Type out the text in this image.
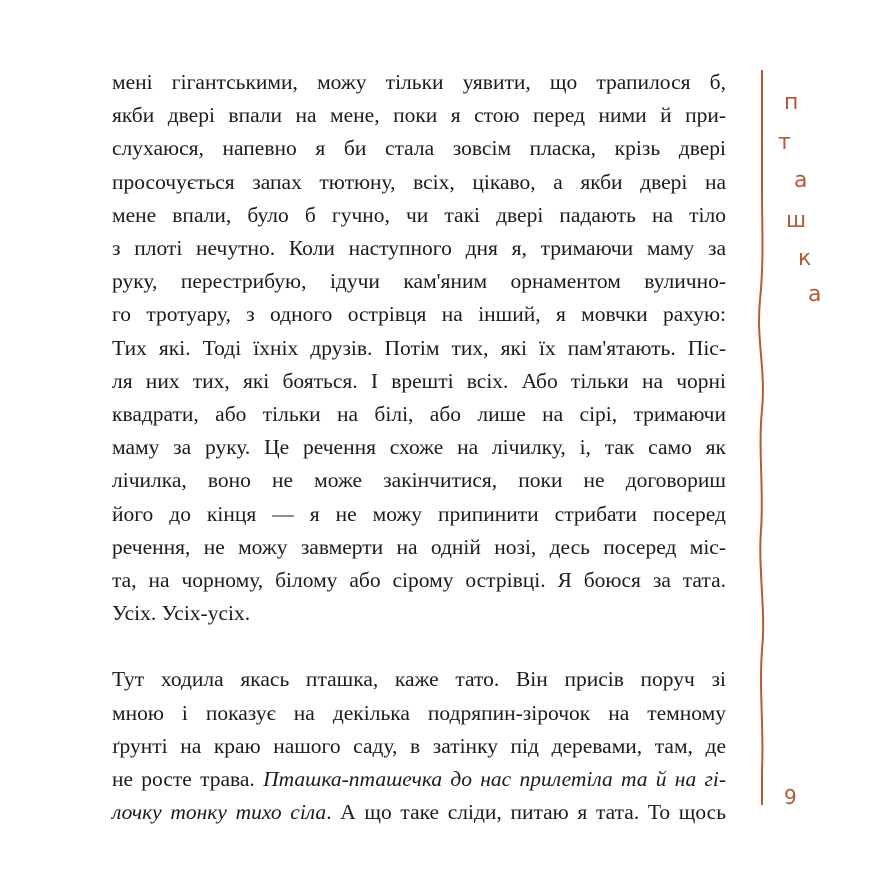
мені гігантськими, можу тільки уявити, що трапилося б,
якби двері впали на мене, поки я стою перед ними й при-
слухаюся, напевно я би стала зовсім пласка, крізь двері
просочується запах тютюну, всіх, цікаво, а якби двері на
мене впали, було б гучно, чи такі двері падають на тіло
з плоті нечутно. Коли наступного дня я, тримаючи маму за
руку, перестрибую, ідучи кам'яним орнаментом вулично-
го тротуару, з одного острівця на інший, я мовчки рахую:
Тих які. Тоді їхніх друзів. Потім тих, які їх пам'ятають. Піс-
ля них тих, які бояться. І врешті всіх. Або тільки на чорні
квадрати, або тільки на білі, або лише на сірі, тримаючи
маму за руку. Це речення схоже на лічилку, і, так само як
лічилка, воно не може закінчитися, поки не договориш
його до кінця — я не можу припинити стрибати посеред
речення, не можу завмерти на одній нозі, десь посеред міс-
та, на чорному, білому або сірому острівці. Я боюся за тата.
Усіх. Усіх-усіх.

Тут ходила якась пташка, каже тато. Він присів поруч зі
мною і показує на декілька подряпин-зірочок на темному
ґрунті на краю нашого саду, в затінку під деревами, там, де
не росте трава. Пташка-пташечка до нас прилетіла та й на гі-
лочку тонку тихо сіла. А що таке сліди, питаю я тата. То щось

п
т
а
ш
к
а
9
